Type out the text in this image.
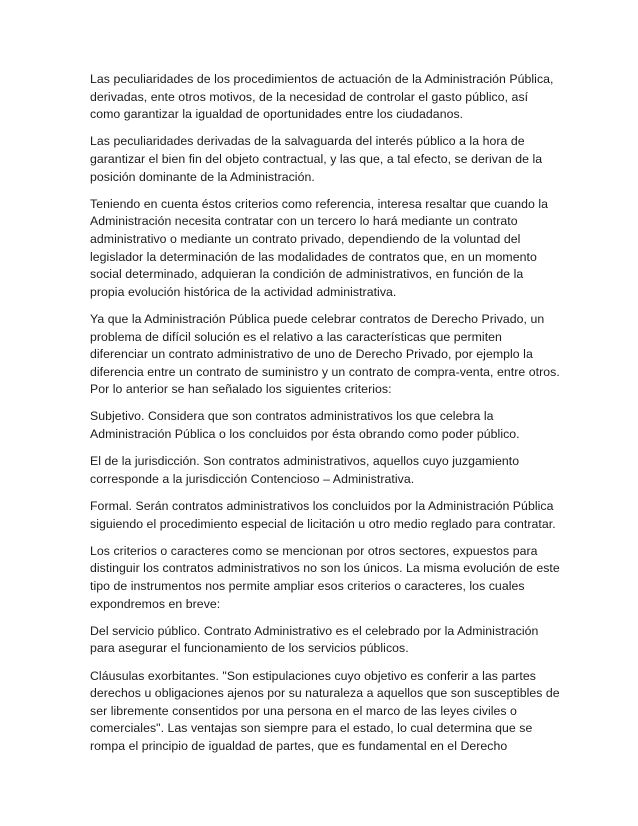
Las peculiaridades de los procedimientos de actuación de la Administración Pública, derivadas, ente otros motivos, de la necesidad de controlar el gasto público, así como garantizar la igualdad de oportunidades entre los ciudadanos.

Las peculiaridades derivadas de la salvaguarda del interés público a la hora de garantizar el bien fin del objeto contractual, y las que, a tal efecto, se derivan de la posición dominante de la Administración.

Teniendo en cuenta éstos criterios como referencia, interesa resaltar que cuando la Administración necesita contratar con un tercero lo hará mediante un contrato administrativo o mediante un contrato privado, dependiendo de la voluntad del legislador la determinación de las modalidades de contratos que, en un momento social determinado, adquieran la condición de administrativos, en función de la propia evolución histórica de la actividad administrativa.

Ya que la Administración Pública puede celebrar contratos de Derecho Privado, un problema de difícil solución es el relativo a las características que permiten diferenciar un contrato administrativo de uno de Derecho Privado, por ejemplo la diferencia entre un contrato de suministro y un contrato de compra-venta, entre otros. Por lo anterior se han señalado los siguientes criterios:

Subjetivo. Considera que son contratos administrativos los que celebra la Administración Pública o los concluidos por ésta obrando como poder público.

El de la jurisdicción. Son contratos administrativos, aquellos cuyo juzgamiento corresponde a la jurisdicción Contencioso – Administrativa.

Formal. Serán contratos administrativos los concluidos por la Administración Pública siguiendo el procedimiento especial de licitación u otro medio reglado para contratar.

Los criterios o caracteres como se mencionan por otros sectores, expuestos para distinguir los contratos administrativos no son los únicos. La misma evolución de este tipo de instrumentos nos permite ampliar esos criterios o caracteres, los cuales expondremos en breve:

Del servicio público. Contrato Administrativo es el celebrado por la Administración para asegurar el funcionamiento de los servicios públicos.

Cláusulas exorbitantes. "Son estipulaciones cuyo objetivo es conferir a las partes derechos u obligaciones ajenos por su naturaleza a aquellos que son susceptibles de ser libremente consentidos por una persona en el marco de las leyes civiles o comerciales". Las ventajas son siempre para el estado, lo cual determina que se rompa el principio de igualdad de partes, que es fundamental en el Derecho
